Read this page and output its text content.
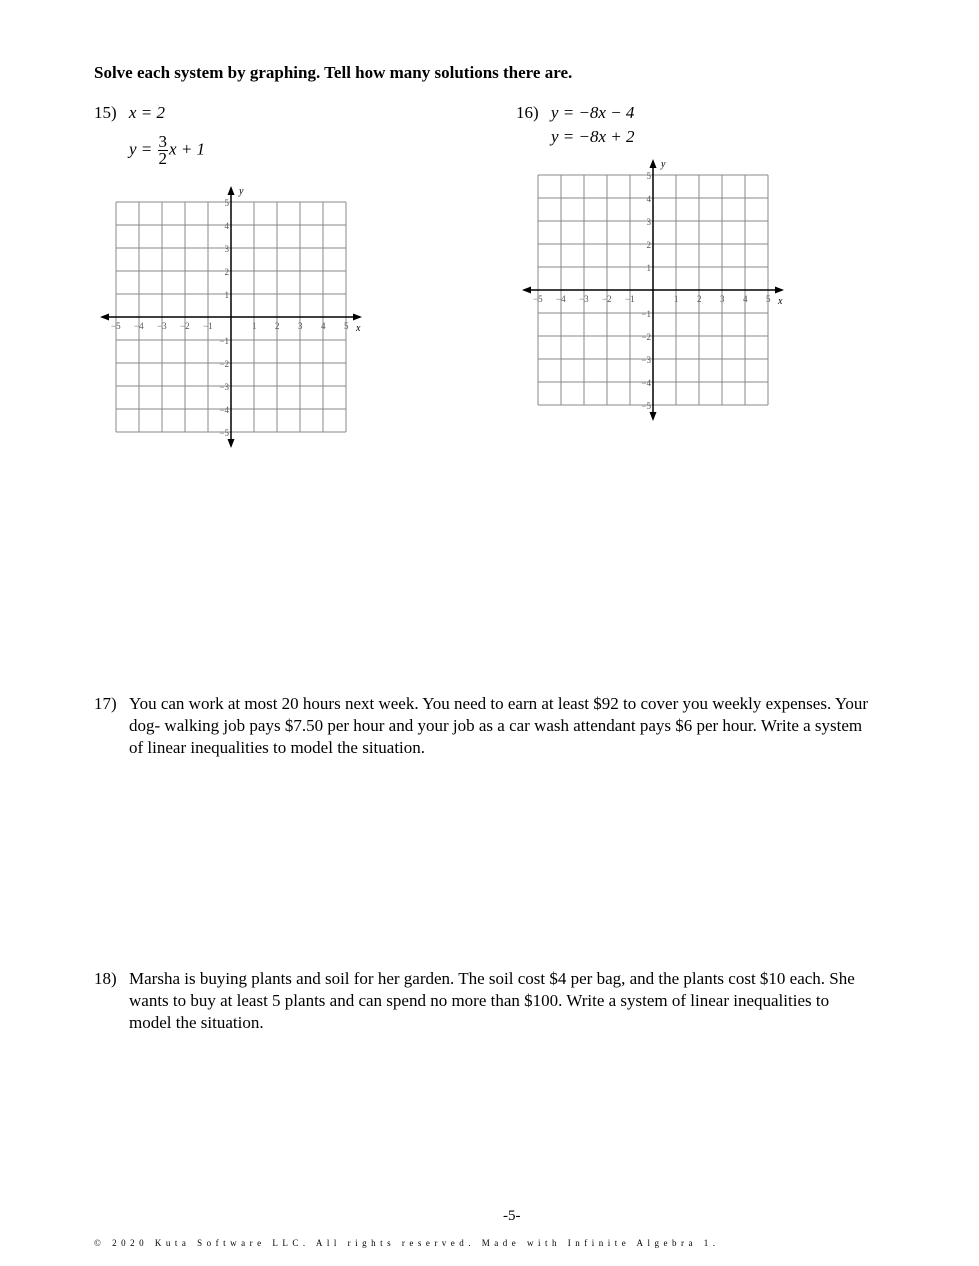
Solve each system by graphing. Tell how many solutions there are.
15) x = 2
$y = \frac{3}{2}$ x + 1
16) y = −8x − 4
y = −8x + 2
x
y
−5 −4 −3 −2 −1	1 2 3 4 5
5
4
3
2
1
−1
−2
−3
−4
−5
x
y
−5 −4 −3 −2 −1	1 2 3 4 5
5
4
3
2
1
−1
−2
−3
−4
−5
17) You can work at most 20 hours next week. You need to earn at least $92 to cover you weekly expenses. Your dog- walking job pays $7.50 per hour and your job as a car wash attendant pays $6 per hour. Write a system of linear inequalities to model the situation.
18) Marsha is buying plants and soil for her garden. The soil cost $4 per bag, and the plants cost $10 each. She wants to buy at least 5 plants and can spend no more than $100. Write a system of linear inequalities to model the situation.
-5-
© 2020 Kuta Software LLC. All rights reserved. Made with Infinite Algebra 1.
